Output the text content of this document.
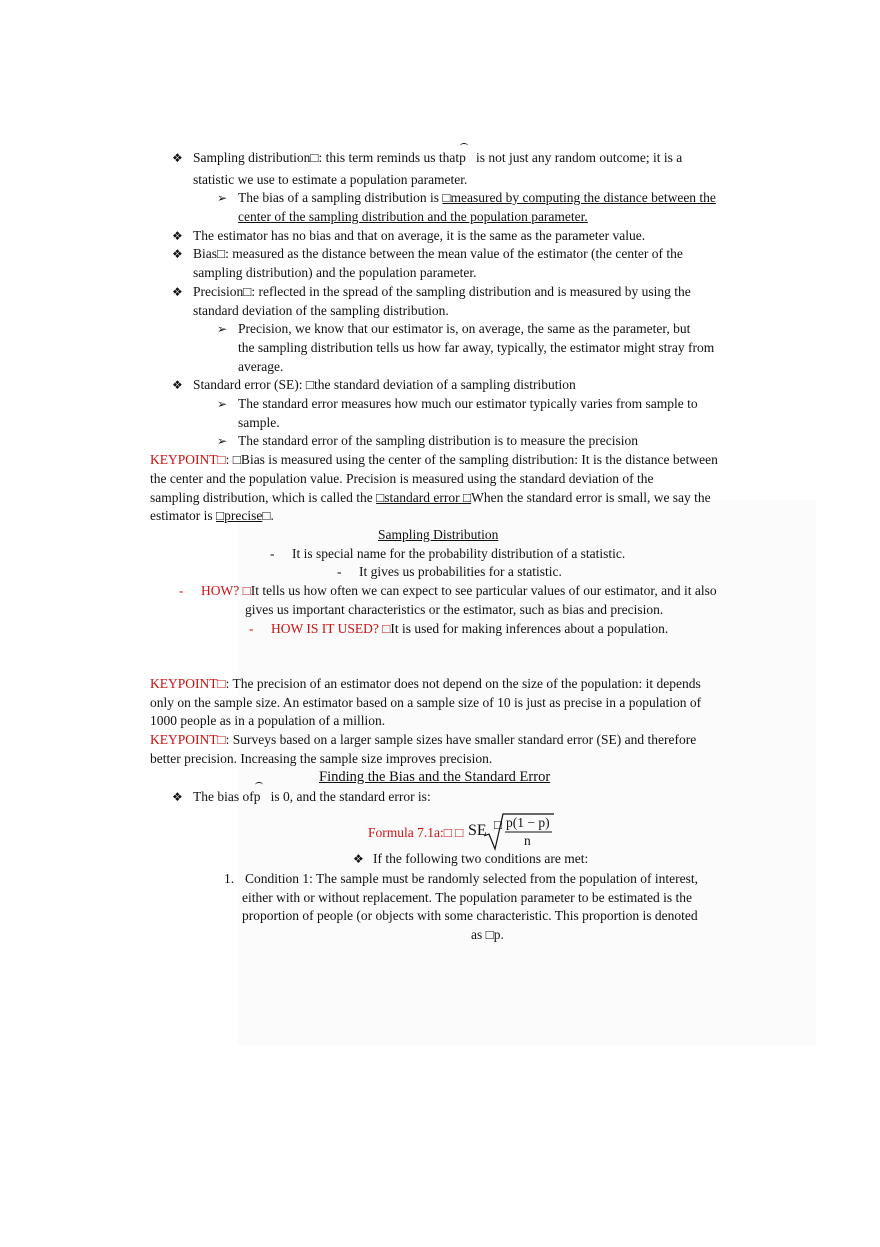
❖ Sampling distribution□: this term reminds us that
p   is not just any random outcome; it is a
statistic we use to estimate a population parameter.
➢ The bias of a sampling distribution is □measured by computing the distance between the
center of the sampling distribution and the population parameter.
❖ The estimator has no bias and that on average, it is the same as the parameter value.
❖ Bias□: measured as the distance between the mean value of the estimator (the center of the
sampling distribution) and the population parameter.
❖ Precision□: reflected in the spread of the sampling distribution and is measured by using the
standard deviation of the sampling distribution.
➢ Precision, we know that our estimator is, on average, the same as the parameter, but
the sampling distribution tells us how far away, typically, the estimator might stray from
average.
❖ Standard error (SE): □the standard deviation of a sampling distribution
➢ The standard error measures how much our estimator typically varies from sample to
sample.
➢ The standard error of the sampling distribution is to measure the precision
KEYPOINT□: □Bias is measured using the center of the sampling distribution: It is the distance between
the center and the population value. Precision is measured using the standard deviation of the
sampling distribution, which is called the □standard error □When the standard error is small, we say the
estimator is □precise□.
Sampling Distribution
- It is special name for the probability distribution of a statistic.
- It gives us probabilities for a statistic.
- HOW? □It tells us how often we can expect to see particular values of our estimator, and it also
gives us important characteristics or the estimator, such as bias and precision.
- HOW IS IT USED? □It is used for making inferences about a population.
KEYPOINT□: The precision of an estimator does not depend on the size of the population: it depends
only on the sample size. An estimator based on a sample size of 10 is just as precise in a population of
1000 people as in a population of a million.
KEYPOINT□: Surveys based on a larger sample sizes have smaller standard error (SE) and therefore
better precision. Increasing the sample size improves precision.
Finding the Bias and the Standard Error
❖ The bias of
p   is 0, and the standard error is:
Formula 7.1a:□ □ SE □ p(1 − p)
n
❖ If the following two conditions are met:
1. Condition 1: The sample must be randomly selected from the population of interest,
either with or without replacement. The population parameter to be estimated is the
proportion of people (or objects with some characteristic. This proportion is denoted
as □p.
